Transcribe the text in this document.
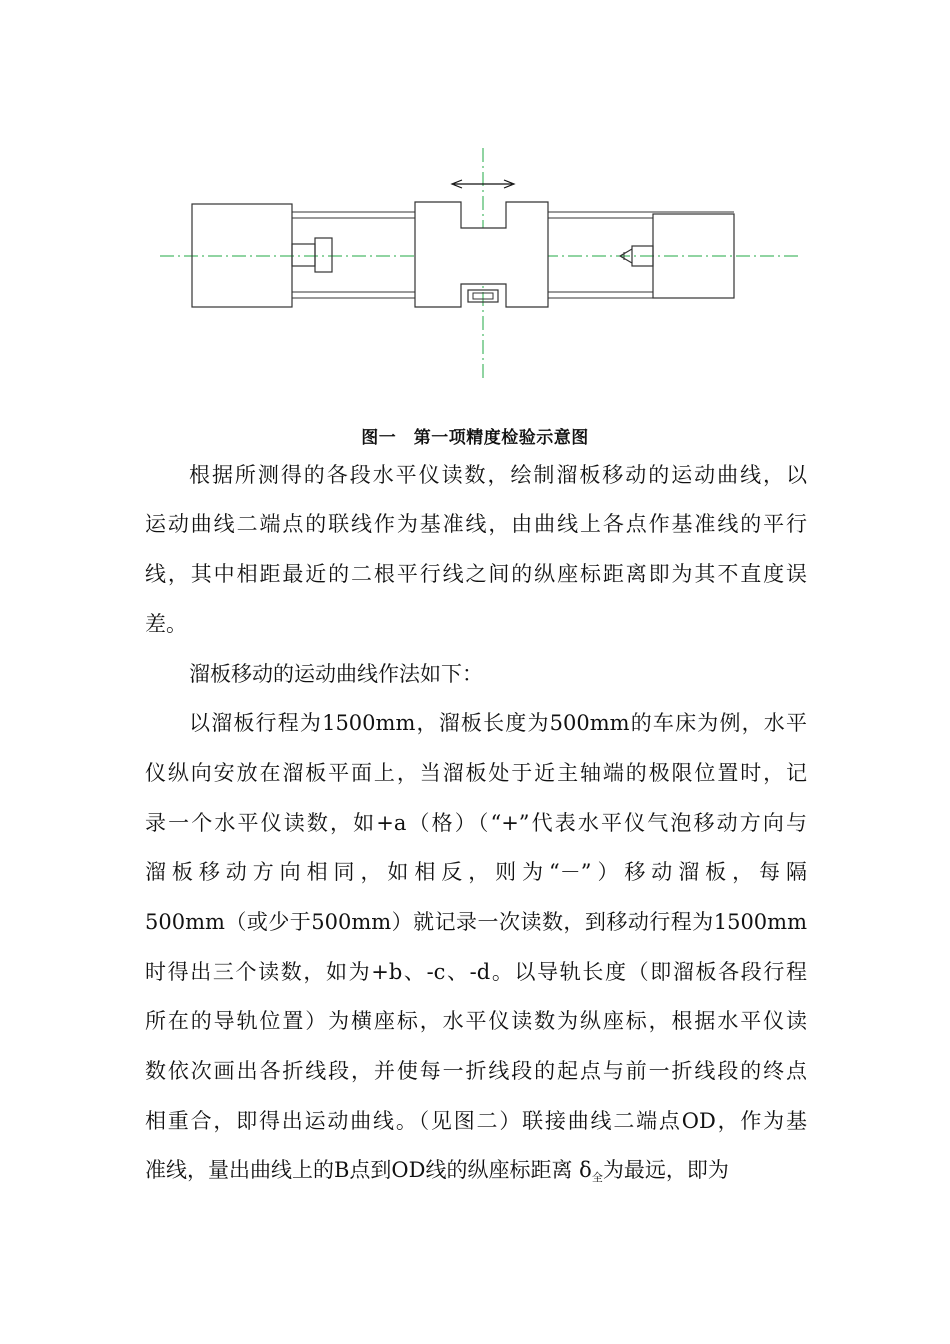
图一　第一项精度检验示意图
根据所测得的各段水平仪读数，绘制溜板移动的运动曲线，以
运动曲线二端点的联线作为基准线，由曲线上各点作基准线的平行
线，其中相距最近的二根平行线之间的纵座标距离即为其不直度误
差。
溜板移动的运动曲线作法如下：
以溜板行程为1500mm，溜板长度为500mm的车床为例，水平
仪纵向安放在溜板平面上，当溜板处于近主轴端的极限位置时，记
录一个水平仪读数，如+a（格）（“+”代表水平仪气泡移动方向与
溜板移动方向相同，如相反，则为“－”）移动溜板，每隔
500mm（或少于500mm）就记录一次读数，到移动行程为1500mm
时得出三个读数，如为+b、-c、-d。以导轨长度（即溜板各段行程
所在的导轨位置）为横座标，水平仪读数为纵座标，根据水平仪读
数依次画出各折线段，并使每一折线段的起点与前一折线段的终点
相重合，即得出运动曲线。（见图二）联接曲线二端点OD，作为基
准线，量出曲线上的B点到OD线的纵座标距离 δ全为最远，即为
